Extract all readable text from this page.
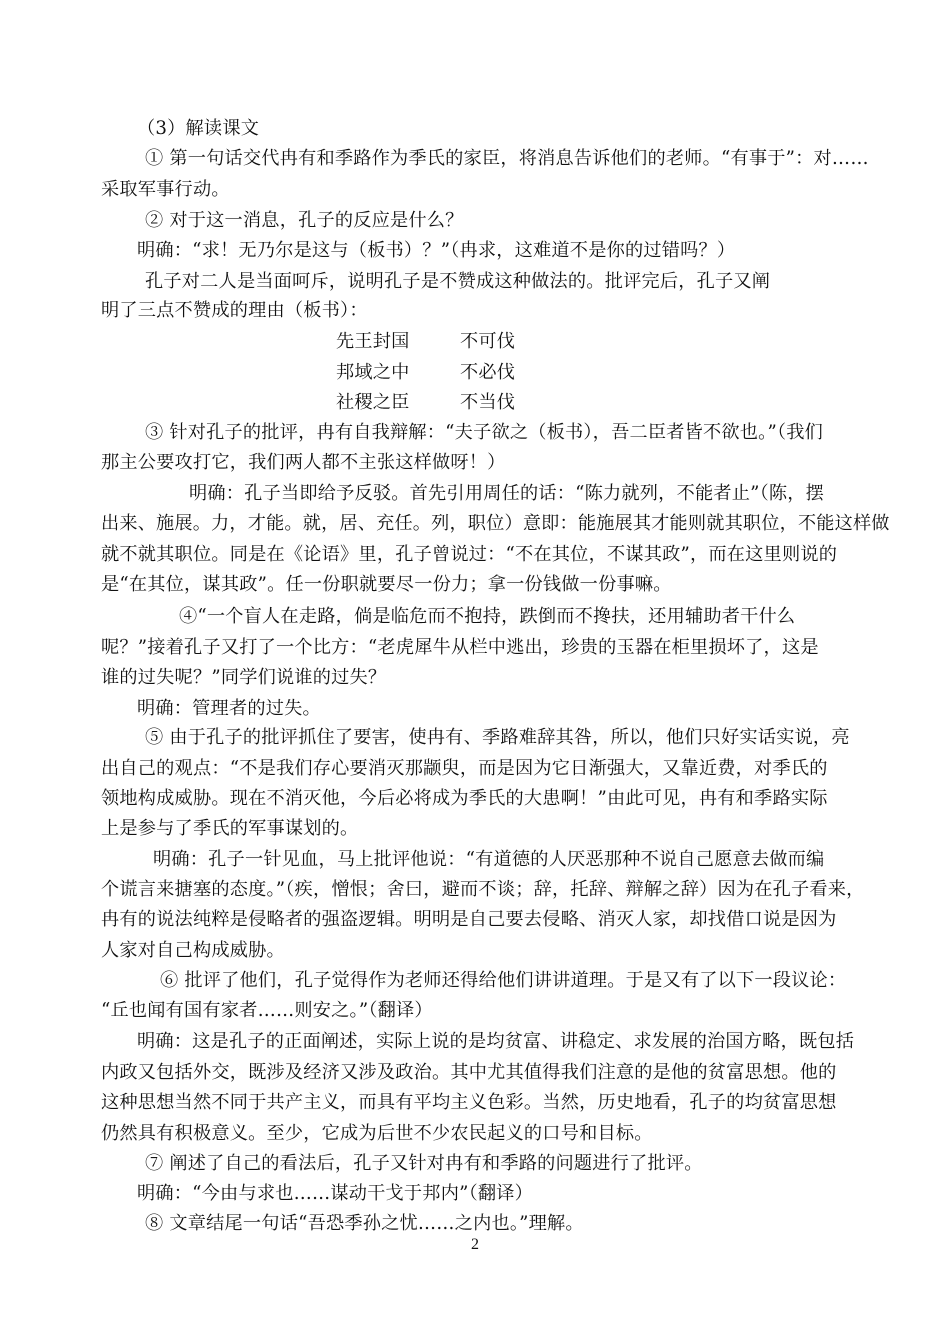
（3）解读课文
① 第一句话交代冉有和季路作为季氏的家臣，将消息告诉他们的老师。“有事于”：对……
采取军事行动。
② 对于这一消息，孔子的反应是什么？
明确：“求！无乃尔是这与（板书）？”（冉求，这难道不是你的过错吗？）
孔子对二人是当面呵斥，说明孔子是不赞成这种做法的。批评完后，孔子又阐
明了三点不赞成的理由（板书）：
先王封国	不可伐
邦域之中	不必伐
社稷之臣	不当伐
③ 针对孔子的批评，冉有自我辩解：“夫子欲之（板书），吾二臣者皆不欲也。”（我们
那主公要攻打它，我们两人都不主张这样做呀！）
明确：孔子当即给予反驳。首先引用周任的话：“陈力就列，不能者止”（陈，摆
出来、施展。力，才能。就，居、充任。列，职位）意即：能施展其才能则就其职位，不能这样做
就不就其职位。同是在《论语》里，孔子曾说过：“不在其位，不谋其政”，而在这里则说的
是“在其位，谋其政”。任一份职就要尽一份力；拿一份钱做一份事嘛。
④“一个盲人在走路，倘是临危而不抱持，跌倒而不搀扶，还用辅助者干什么
呢？”接着孔子又打了一个比方：“老虎犀牛从栏中逃出，珍贵的玉器在柜里损坏了，这是
谁的过失呢？”同学们说谁的过失？
明确：管理者的过失。
⑤ 由于孔子的批评抓住了要害，使冉有、季路难辞其咎，所以，他们只好实话实说，亮
出自己的观点：“不是我们存心要消灭那颛臾，而是因为它日渐强大，又靠近费，对季氏的
领地构成威胁。现在不消灭他，今后必将成为季氏的大患啊！”由此可见，冉有和季路实际
上是参与了季氏的军事谋划的。
明确：孔子一针见血，马上批评他说：“有道德的人厌恶那种不说自己愿意去做而编
个谎言来搪塞的态度。”（疾，憎恨；舍曰，避而不谈；辞，托辞、辩解之辞）因为在孔子看来，
冉有的说法纯粹是侵略者的强盗逻辑。明明是自己要去侵略、消灭人家，却找借口说是因为
人家对自己构成威胁。
⑥ 批评了他们，孔子觉得作为老师还得给他们讲讲道理。于是又有了以下一段议论：
“丘也闻有国有家者……则安之。”（翻译）
明确：这是孔子的正面阐述，实际上说的是均贫富、讲稳定、求发展的治国方略，既包括
内政又包括外交，既涉及经济又涉及政治。其中尤其值得我们注意的是他的贫富思想。他的
这种思想当然不同于共产主义，而具有平均主义色彩。当然，历史地看，孔子的均贫富思想
仍然具有积极意义。至少，它成为后世不少农民起义的口号和目标。
⑦ 阐述了自己的看法后，孔子又针对冉有和季路的问题进行了批评。
明确：“今由与求也……谋动干戈于邦内”（翻译）
⑧ 文章结尾一句话“吾恐季孙之忧……之内也。”理解。
2
